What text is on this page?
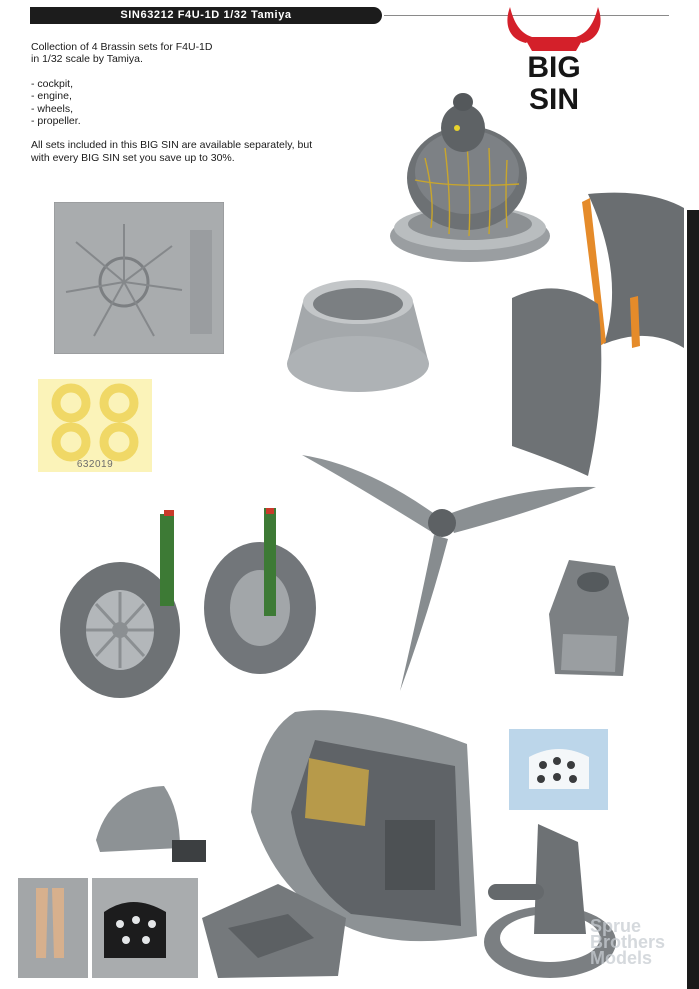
SIN63212 F4U-1D 1/32 Tamiya
BIG
SIN

Collection of 4 Brassin sets for F4U-1D

in 1/32 scale by Tamiya.

- cockpit,

- engine,

- wheels,

- propeller.

All sets included in this BIG SIN are available separately, but

with every BIG SIN set you save up to 30%.

632019
Sprue
Brothers
Models
